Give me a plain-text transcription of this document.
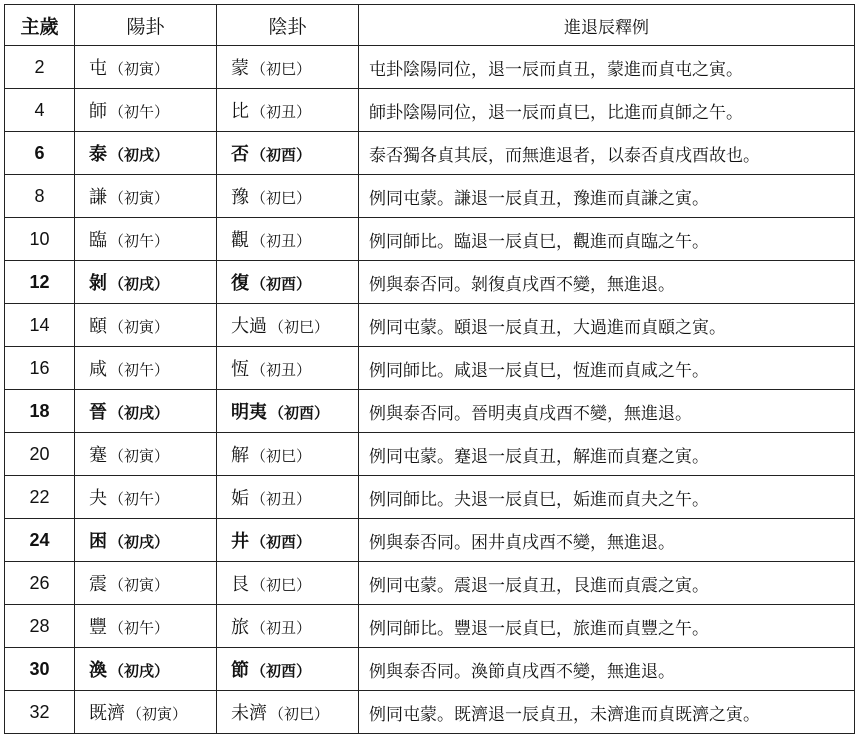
主歲	陽卦	陰卦	進退辰釋例
2	屯 （初寅）	蒙 （初巳）	屯卦陰陽同位，退一辰而貞丑，蒙進而貞屯之寅。
4	師 （初午）	比 （初丑）	師卦陰陽同位，退一辰而貞巳，比進而貞師之午。
6	泰 （初戌）	否 （初酉）	泰否獨各貞其辰，而無進退者，以泰否貞戌酉故也。
8	謙 （初寅）	豫 （初巳）	例同屯蒙。謙退一辰貞丑，豫進而貞謙之寅。
10	臨 （初午）	觀 （初丑）	例同師比。臨退一辰貞巳，觀進而貞臨之午。
12	剝 （初戌）	復 （初酉）	例與泰否同。剝復貞戌酉不變，無進退。
14	頤 （初寅）	大過 （初巳）	例同屯蒙。頤退一辰貞丑，大過進而貞頤之寅。
16	咸 （初午）	恆 （初丑）	例同師比。咸退一辰貞巳，恆進而貞咸之午。
18	晉 （初戌）	明夷 （初酉）	例與泰否同。晉明夷貞戌酉不變，無進退。
20	蹇 （初寅）	解 （初巳）	例同屯蒙。蹇退一辰貞丑，解進而貞蹇之寅。
22	夬 （初午）	姤 （初丑）	例同師比。夬退一辰貞巳，姤進而貞夬之午。
24	困 （初戌）	井 （初酉）	例與泰否同。困井貞戌酉不變，無進退。
26	震 （初寅）	艮 （初巳）	例同屯蒙。震退一辰貞丑，艮進而貞震之寅。
28	豐 （初午）	旅 （初丑）	例同師比。豐退一辰貞巳，旅進而貞豐之午。
30	渙 （初戌）	節 （初酉）	例與泰否同。渙節貞戌酉不變，無進退。
32	既濟 （初寅）	未濟 （初巳）	例同屯蒙。既濟退一辰貞丑，未濟進而貞既濟之寅。
